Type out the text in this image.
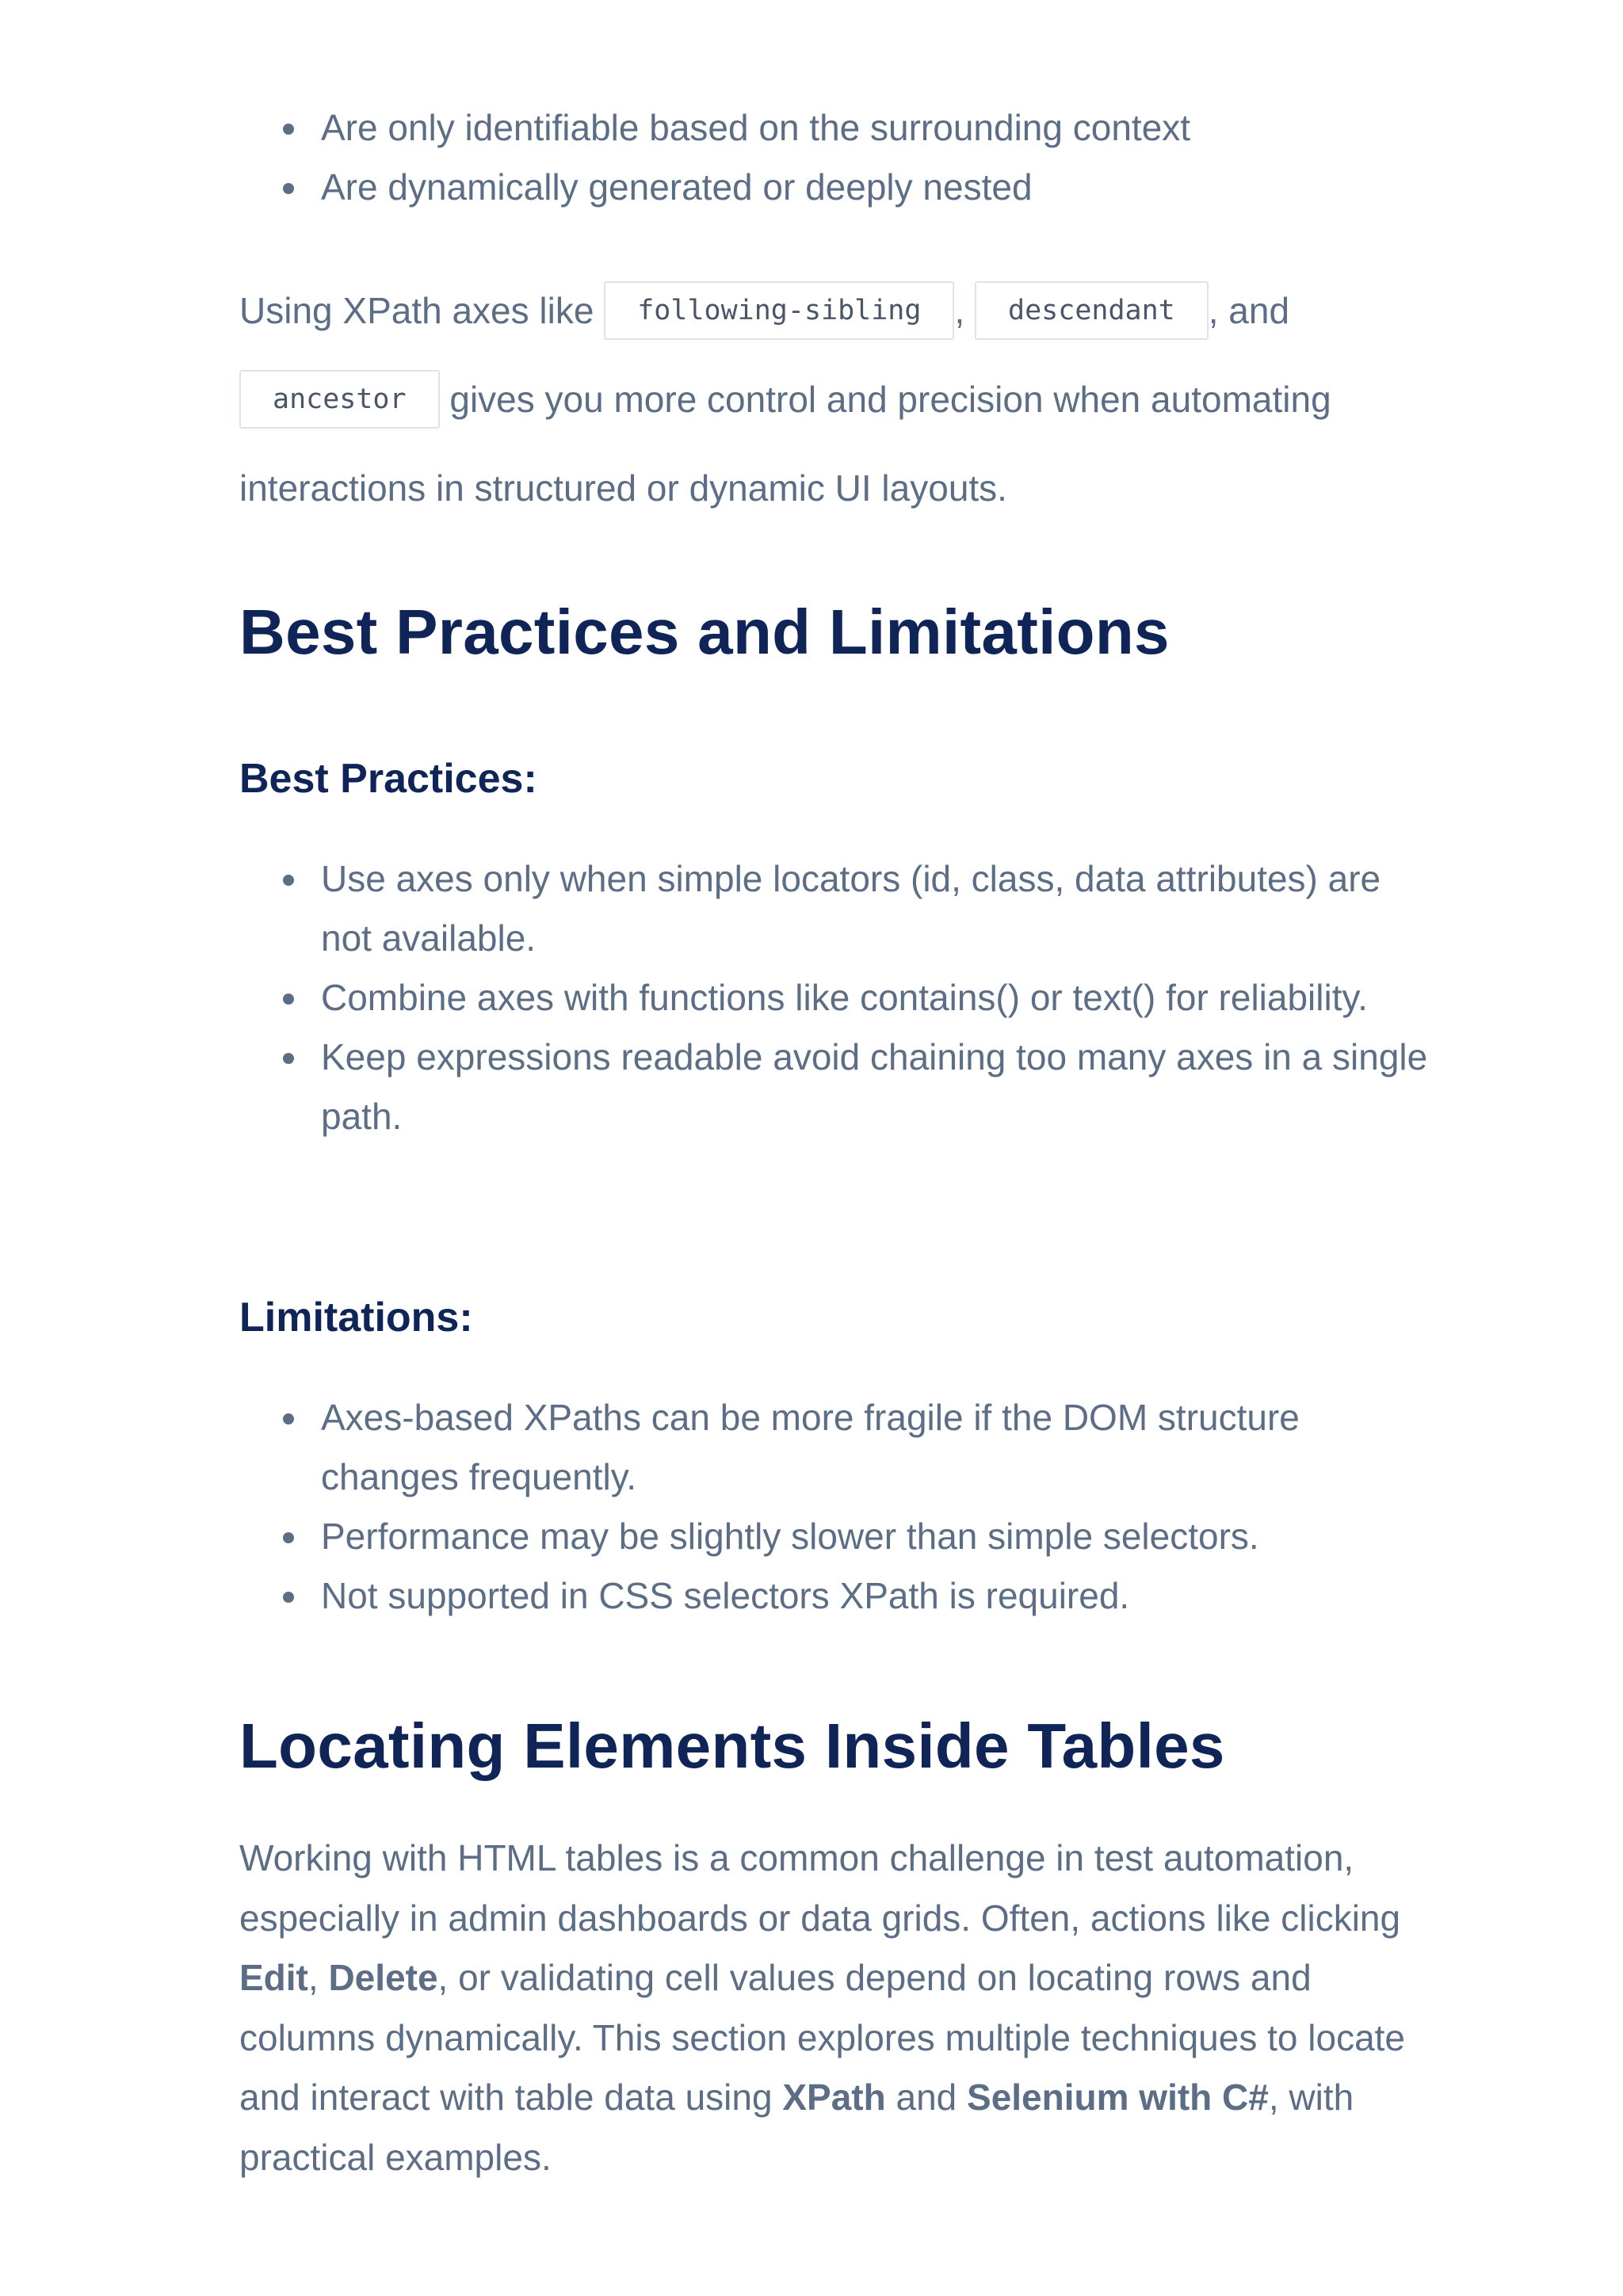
Are only identifiable based on the surrounding context
Are dynamically generated or deeply nested

Using XPath axes like following-sibling , descendant , and ancestor gives you more control and precision when automating interactions in structured or dynamic UI layouts.

Best Practices and Limitations
Best Practices:
Use axes only when simple locators (id, class, data attributes) are not available.
Combine axes with functions like contains() or text() for reliability.
Keep expressions readable avoid chaining too many axes in a single path.
Limitations:
Axes-based XPaths can be more fragile if the DOM structure changes frequently.
Performance may be slightly slower than simple selectors.
Not supported in CSS selectors XPath is required.
Locating Elements Inside Tables

Working with HTML tables is a common challenge in test automation, especially in admin dashboards or data grids. Often, actions like clicking Edit, Delete, or validating cell values depend on locating rows and columns dynamically. This section explores multiple techniques to locate and interact with table data using XPath and Selenium with C#, with practical examples.
